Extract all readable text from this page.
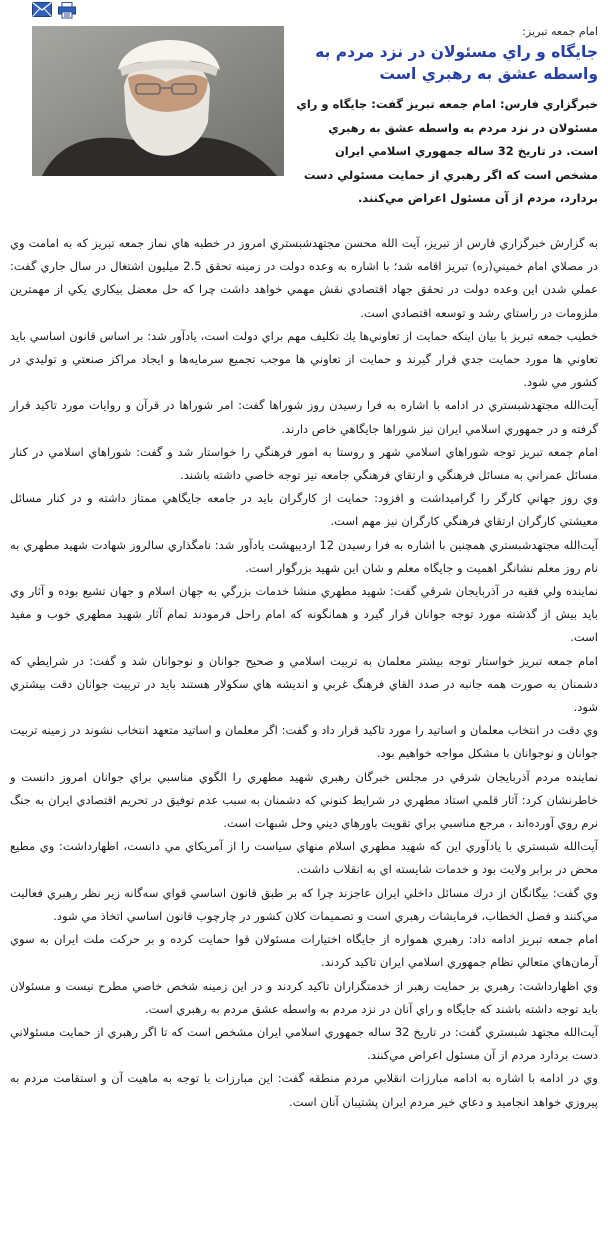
امام جمعه تبريز:
جايگاه و راي مسئولان در نزد مردم به واسطه عشق به رهبري است
خبرگزاري فارس: امام جمعه تبريز گفت: جايگاه و راي مسئولان در نزد مردم به واسطه عشق به رهبري است. در تاريخ 32 ساله جمهوري اسلامي ايران مشخص است كه اگر رهبري از حمايت مسئولي دست بردارد، مردم از آن مسئول اعراض مي‌كنند.

به گزارش خبرگزاري فارس از تبريز، آيت الله محسن مجتهدشبستري امروز در خطبه هاي نماز جمعه تبريز كه به امامت وي در مصلاي امام خميني(ره) تبريز اقامه شد؛ با اشاره به وعده دولت در زمينه تحقق 2.5 ميليون اشتغال در سال جاري گفت: عملي شدن اين وعده دولت در تحقق جهاد اقتصادي نقش مهمي خواهد داشت چرا كه حل معضل بيكاري يكي از مهمترين ملزومات در راستاي رشد و توسعه اقتصادي است.

خطيب جمعه تبريز با بيان اينكه حمايت از تعاوني‌ها يك تكليف مهم براي دولت است، يادآور شد: بر اساس قانون اساسي بايد تعاوني ها مورد حمايت جدي قرار گيرند و حمايت از تعاوني ها موجب تجميع سرمايه‌ها و ايجاد مراكز صنعتي و توليدي در كشور مي شود.

آيت‌الله مجتهدشبستري در ادامه با اشاره به فرا رسيدن روز شوراها گفت: امر شوراها در قرآن و روايات مورد تاكيد قرار گرفته و در جمهوري اسلامي ايران نيز شوراها جايگاهي خاص دارند.

امام جمعه تبريز توجه شوراهاي اسلامي شهر و روستا به امور فرهنگي را خواستار شد و گفت: شوراهاي اسلامي در كنار مسائل عمراني به مسائل فرهنگي و ارتقاي فرهنگي جامعه نيز توجه خاصي داشته باشند.

وي روز جهاني كارگر را گرامیداشت و افزود: حمايت از كارگران بايد در جامعه جايگاهي ممتاز داشته و در كنار مسائل معيشتي كارگران ارتقاي فرهنگي كارگران نيز مهم است.

آيت‌الله مجتهدشبستري همچنين با اشاره به فرا رسيدن 12 ارديبهشت يادآور شد: نامگذاري سالروز شهادت شهيد مطهري به نام روز معلم نشانگر اهميت و جايگاه معلم و شان اين شهيد بزرگوار است.

نماينده ولي فقيه در آذربايجان شرقي گفت: شهيد مطهري منشا خدمات بزرگي به جهان اسلام و جهان تشيع بوده و آثار وي بايد بيش از گذشته مورد توجه جوانان قرار گيرد و همانگونه كه امام راحل فرمودند تمام آثار شهيد مطهري خوب و مفيد است.

امام جمعه تبريز خواستار توجه بيشتر معلمان به تربيت اسلامي و صحيح جوانان و نوجوانان شد و گفت: در شرايطي كه دشمنان به صورت همه جانبه در صدد القاي فرهنگ غربي و انديشه هاي سكولار هستند بايد در تربيت جوانان دقت بيشتري شود.

وي دقت در انتخاب معلمان و اساتيد را مورد تاكيد قرار داد و گفت: اگر معلمان و اساتيد متعهد انتخاب نشوند در زمينه تربيت جوانان و نوجوانان با مشكل مواجه خواهيم بود.

نماينده مردم آذربايجان شرقي در مجلس خبرگان رهبري شهيد مطهري را الگوي مناسبي براي جوانان امروز دانست و خاطرنشان كرد: آثار قلمي استاد مطهري در شرايط كنوني كه دشمنان به سبب عدم توفيق در تحريم اقتصادي ايران به جنگ نرم روي آورده‌اند ، مرجع مناسبي براي تقويت باورهاي ديني وحل شبهات است.

آيت‌الله شبستري با يادآوري اين كه شهيد مطهري اسلام منهاي سياست را از آمريكاي مي دانست، اظهارداشت: وي مطيع محض در برابر ولايت بود و خدمات شايسته اي به انقلاب داشت.

وي گفت: بيگانگان از درك مسائل داخلي ايران عاجزند چرا كه بر طبق قانون اساسي قواي سه‌گانه زير نظر رهبري فعاليت مي‌كنند و فصل الخطاب، فرمايشات رهبري است و تصميمات كلان كشور در چارچوب قانون اساسي اتخاذ مي شود.

امام جمعه تبريز ادامه داد: رهبري همواره از جايگاه اختيارات مسئولان قوا حمايت كرده و بر حركت ملت ايران به سوي آرمان‌هاي متعالي نظام جمهوري اسلامي ايران تاكيد كردند.

وي اظهارداشت: رهبري بر حمايت رهبر از خدمتگزاران تاكيد كردند و در اين زمينه شخص خاصي مطرح نيست و مسئولان بايد توجه داشته باشند كه جايگاه و راي آنان در نزد مردم به واسطه عشق مردم به رهبري است.

آيت‌الله مجتهد شبستري گفت: در تاريخ 32 ساله جمهوري اسلامي ايران مشخص است كه تا اگر رهبري از حمايت مسئولاني دست بردارد مردم از آن مسئول اعراض مي‌كنند.

وي در ادامه با اشاره به ادامه مبارزات انقلابي مردم منطقه گفت: اين مبارزات با توجه به ماهيت آن و استقامت مردم به پيروزي خواهد انجاميد و دعاي خير مردم ايران پشتيبان آنان است.
